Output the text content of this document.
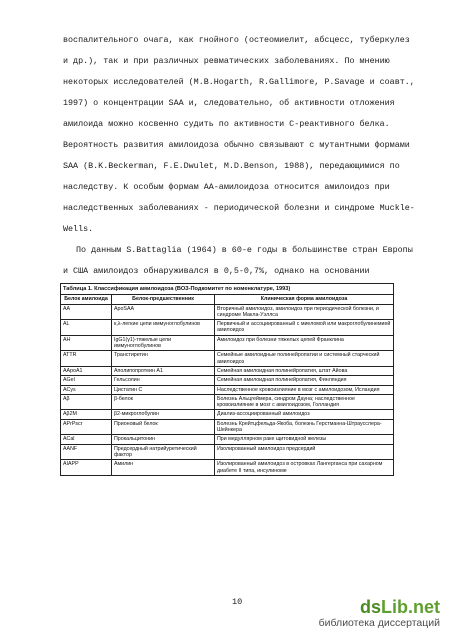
воспалительного очага, как гнойного (остеомиелит, абсцесс, туберкулез
и др.), так и при различных ревматических заболеваниях. По мнению
некоторых исследователей (M.B.Hogarth, R.Gallimore, P.Savage и соавт.,
1997) о концентрации SAA и, следовательно, об активности отложения
амилоида можно косвенно судить по активности С-реактивного белка.
Вероятность развития амилоидоза обычно связывают с мутантными формами
SAA (B.K.Beckerman, F.E.Dwulet, M.D.Benson, 1988), передающимися по
наследству. К особым формам АА-амилоидоза относится амилоидоз при
наследственных заболеваниях - периодической болезни и синдроме Muckle-
Wells.
По данным S.Battaglia (1964) в 60-е годы в большинстве стран Европы
и США амилоидоз обнаруживался в 0,5-0,7%, однако на основании
Таблица 1. Классификация амилоидоза (ВОЗ-Подкомитет по номенклатуре, 1993)		
Белок амилоида	Белок-предшественник	Клиническая форма амилоидоза
AA	ApoSAA	Вторичный амилоидоз, амилоидоз при периодической болезни, и синдроме Макла-Уэллса
AL	к,λ-легкие цепи иммуноглобулинов	Первичный и ассоциированный с миеломой или макроглобулинемией амилоидоз
AH	IgG1(γ1)-тяжелые цепи иммуноглобулинов	Амилоидоз при болезни тяжелых цепей Франклина
ATTR	Транстиретин	Семейные амилоидные полинейропатии и системный старческий амилоидоз
AApoA1	Аполипопротеин A1	Семейная амилоидная полинейропатия, штат Айова
AGel	Гельсолин	Семейная амилоидная полинейропатия, Финляндия
ACys	Цистатин C	Наследственное кровоизлияние в мозг с амилоидозом, Исландия
Aβ	β-белок	Болезнь Альцгеймера, синдром Дауна; наследственное кровоизлияние в мозг с амилоидозом, Голландия
Aβ2M	β2-микроглобулин	Диализ-ассоциированный амилоидоз
APrPscr	Прионовый белок	Болезнь Крейтцфельда-Якоба, болезнь Герстманна-Штраусслера-Шейнкера
ACal	Прокальцитонин	При медуллярном раке щитовидной железы
AANF	Предсердный натрийуретический фактор	Изолированный амилоидоз предсердий
AIAPP	Амилин	Изолированный амилоидоз в островках Лангерганса при сахарном диабете II типа, инсулиноме
10	dsLib.net
библиотека диссертаций
